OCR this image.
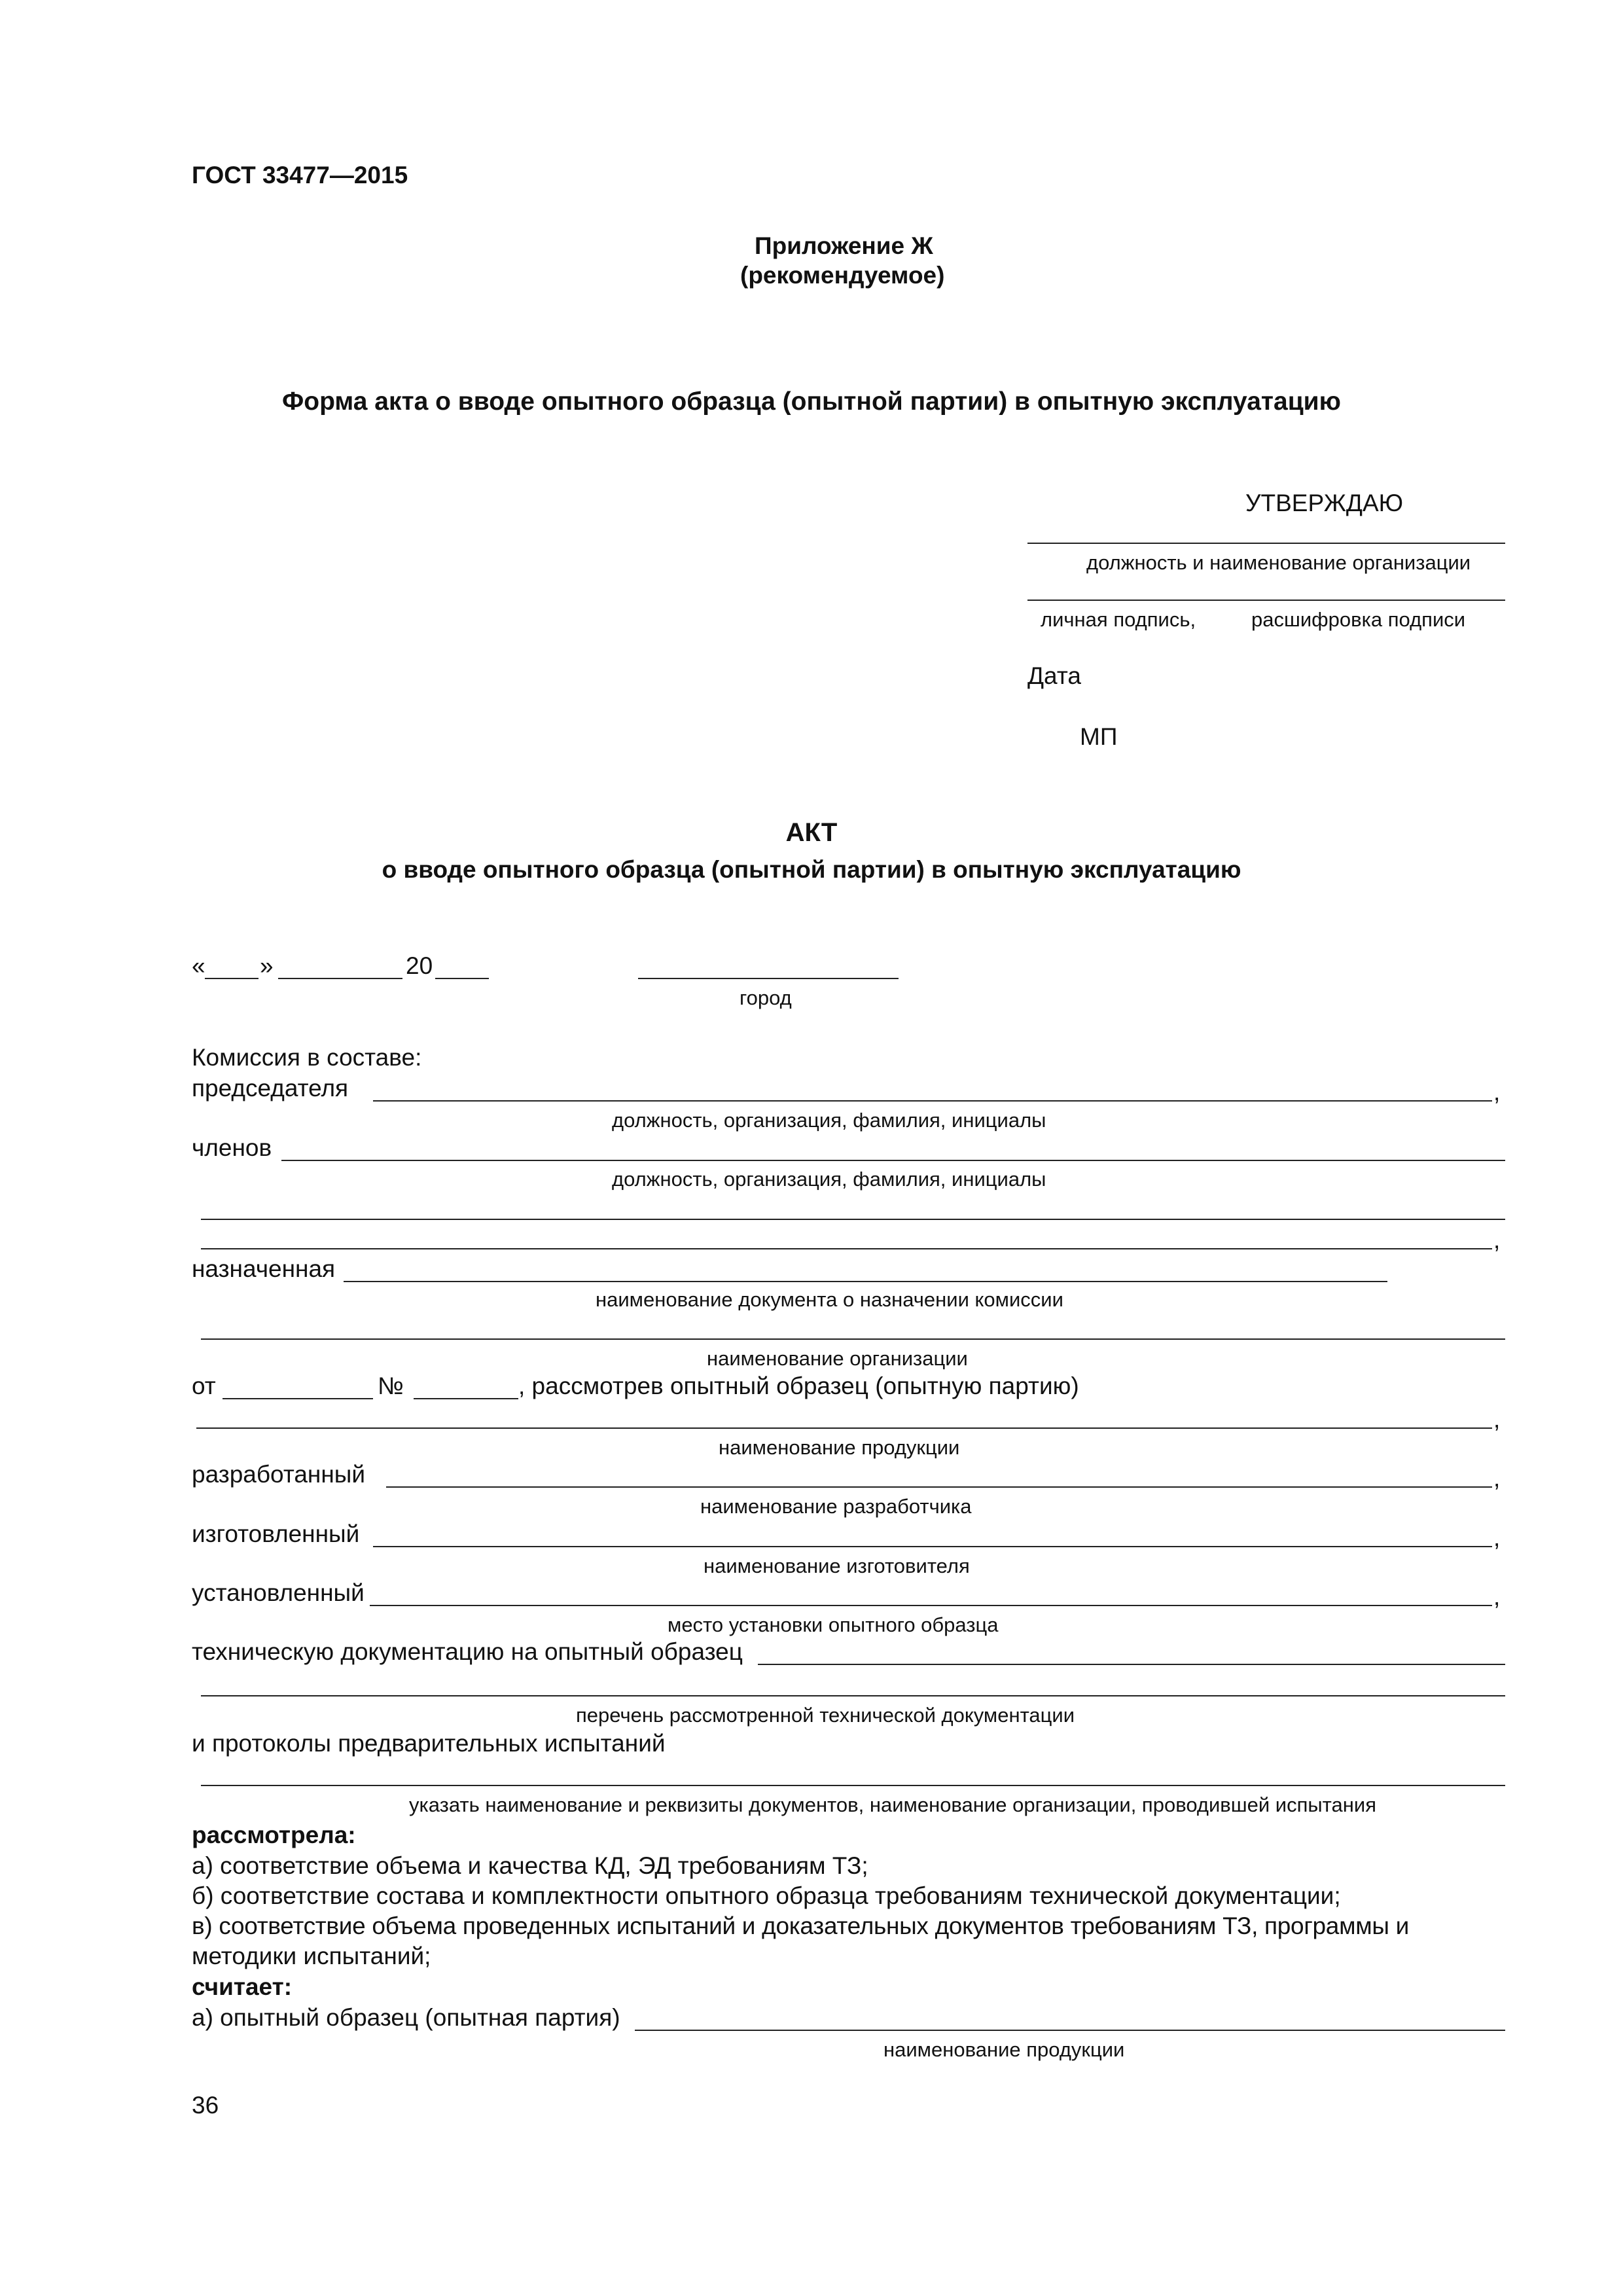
ГОСТ 33477—2015
Приложение Ж
(рекомендуемое)
Форма акта о вводе опытного образца (опытной партии) в опытную эксплуатацию
УТВЕРЖДАЮ
должность и наименование организации
личная подпись,	расшифровка подписи
Дата
МП
АКТ
о вводе опытного образца (опытной партии) в опытную эксплуатацию
« »	20
город
Комиссия в составе:
председателя	,
должность, организация, фамилия, инициалы
членов
должность, организация, фамилия, инициалы
,
назначенная
наименование документа о назначении комиссии
наименование организации
от	№	, рассмотрев опытный образец (опытную партию)
,
наименование продукции
разработанный	,
наименование разработчика
изготовленный	,
наименование изготовителя
установленный	,
место установки опытного образца
техническую документацию на опытный образец
перечень рассмотренной технической документации
и протоколы предварительных испытаний
указать наименование и реквизиты документов, наименование организации, проводившей испытания
рассмотрела:
а) соответствие объема и качества КД, ЭД требованиям ТЗ;
б) соответствие состава и комплектности опытного образца требованиям технической документации;
в) соответствие объема проведенных испытаний и доказательных документов требованиям ТЗ, программы и
методики испытаний;
считает:
а) опытный образец (опытная партия)
наименование продукции
36
